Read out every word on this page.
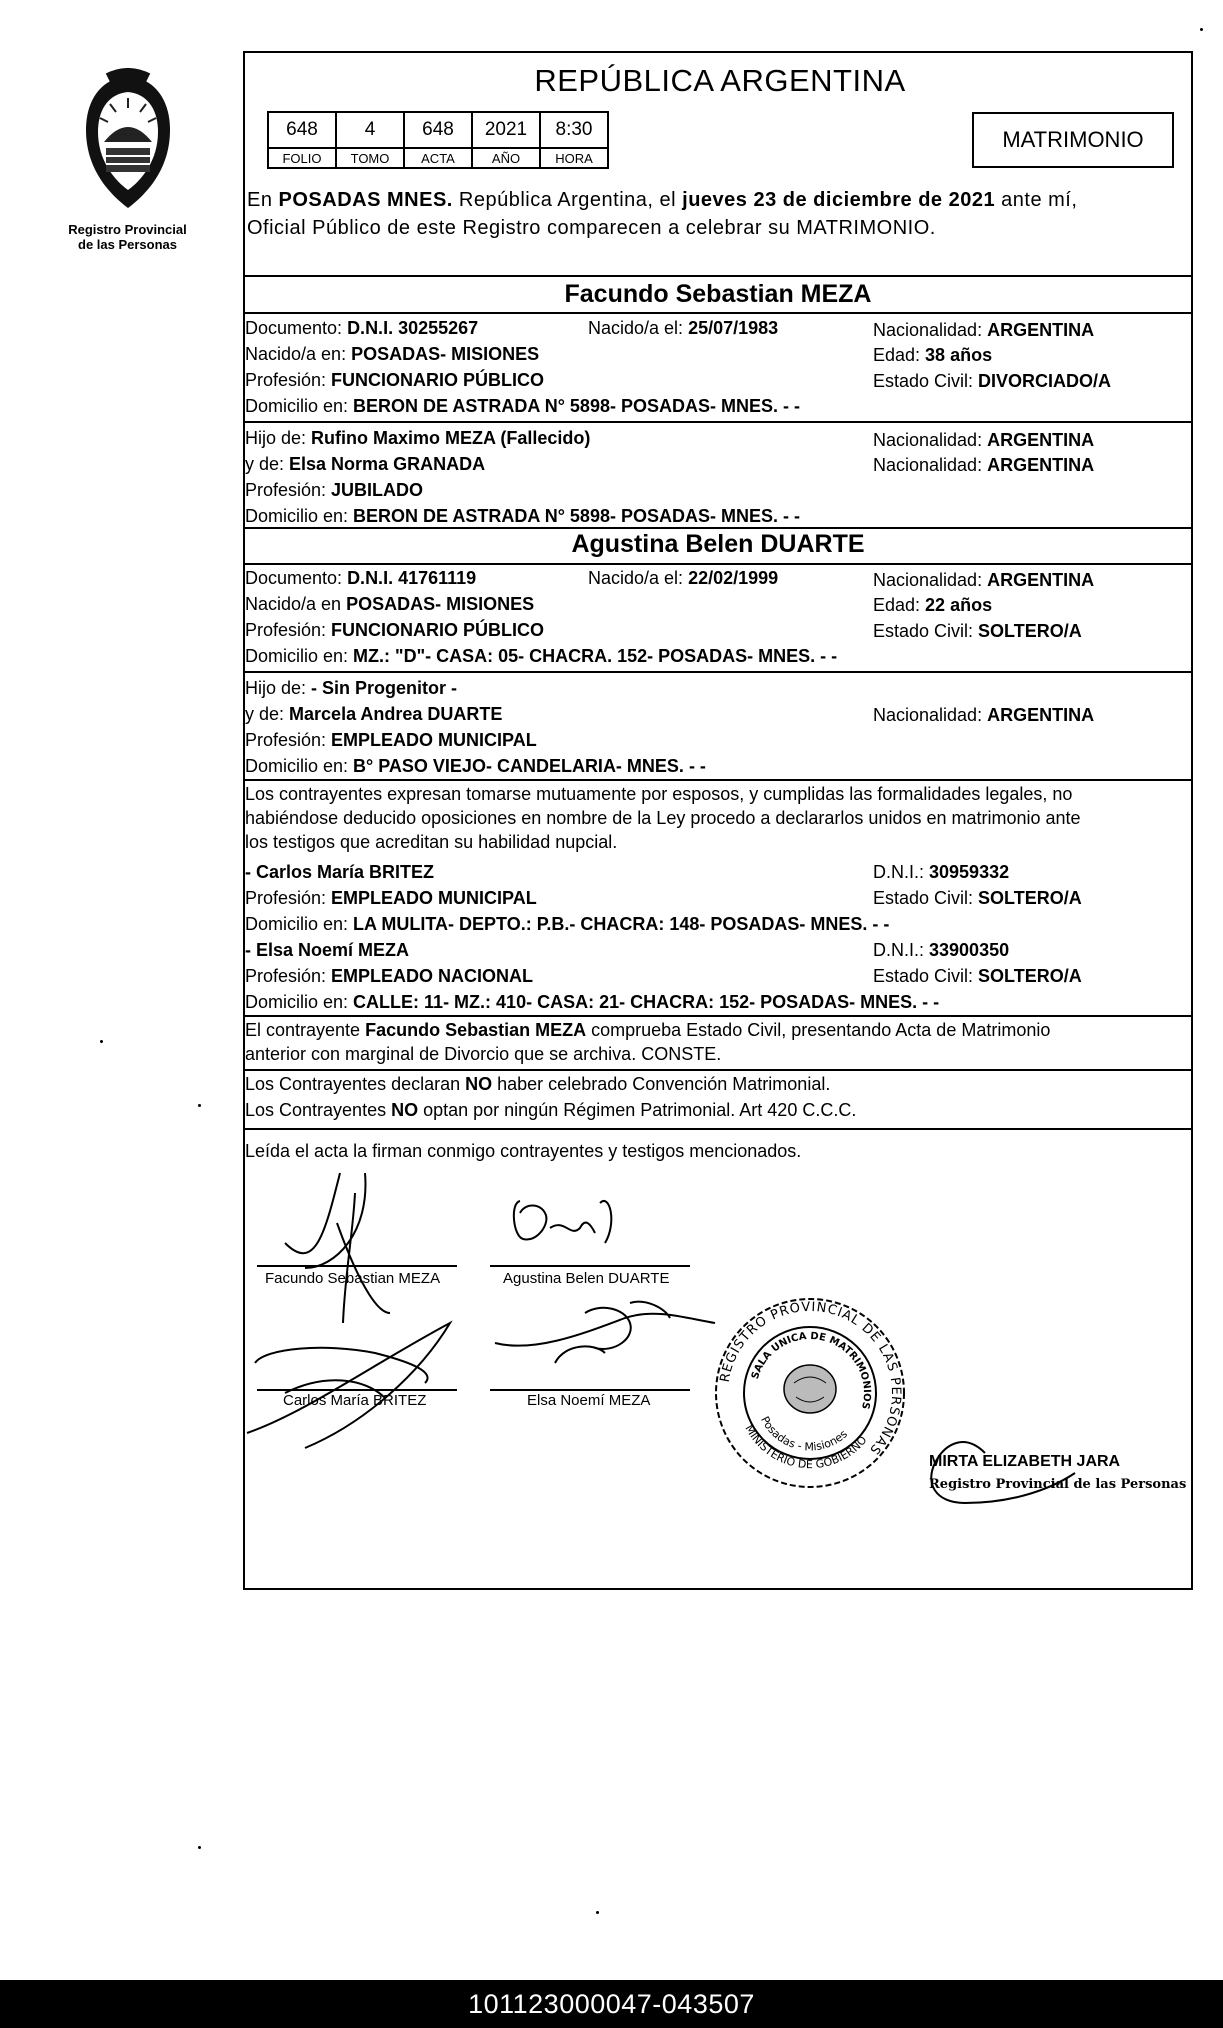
Registro Provincial de las Personas
REPÚBLICA ARGENTINA
648	4	648	2021	8:30
FOLIO	TOMO	ACTA	AÑO	HORA
MATRIMONIO
En POSADAS MNES. República Argentina, el jueves 23 de diciembre de 2021 ante mí,
Oficial Público de este Registro comparecen a celebrar su MATRIMONIO.
Facundo Sebastian MEZA
Documento: D.N.I. 30255267	Nacido/a el: 25/07/1983	Nacionalidad: ARGENTINA
Nacido/a en: POSADAS- MISIONES	Edad: 38 años
Profesión: FUNCIONARIO PÚBLICO	Estado Civil: DIVORCIADO/A
Domicilio en: BERON DE ASTRADA N° 5898- POSADAS- MNES. - -
Hijo de: Rufino Maximo MEZA (Fallecido)	Nacionalidad: ARGENTINA
y de: Elsa Norma GRANADA	Nacionalidad: ARGENTINA
Profesión: JUBILADO
Domicilio en: BERON DE ASTRADA N° 5898- POSADAS- MNES. - -
Agustina Belen DUARTE
Documento: D.N.I. 41761119	Nacido/a el: 22/02/1999	Nacionalidad: ARGENTINA
Nacido/a en POSADAS- MISIONES	Edad: 22 años
Profesión: FUNCIONARIO PÚBLICO	Estado Civil: SOLTERO/A
Domicilio en: MZ.: "D"- CASA: 05- CHACRA. 152- POSADAS- MNES. - -
Hijo de: - Sin Progenitor -
y de: Marcela Andrea DUARTE	Nacionalidad: ARGENTINA
Profesión: EMPLEADO MUNICIPAL
Domicilio en: B° PASO VIEJO- CANDELARIA- MNES. - -
Los contrayentes expresan tomarse mutuamente por esposos, y cumplidas las formalidades legales, no
habiéndose deducido oposiciones en nombre de la Ley procedo a declararlos unidos en matrimonio ante
los testigos que acreditan su habilidad nupcial.
- Carlos María BRITEZ	D.N.I.: 30959332
Profesión: EMPLEADO MUNICIPAL	Estado Civil: SOLTERO/A
Domicilio en: LA MULITA- DEPTO.: P.B.- CHACRA: 148- POSADAS- MNES. - -
- Elsa Noemí MEZA	D.N.I.: 33900350
Profesión: EMPLEADO NACIONAL	Estado Civil: SOLTERO/A
Domicilio en: CALLE: 11- MZ.: 410- CASA: 21- CHACRA: 152- POSADAS- MNES. - -
El contrayente Facundo Sebastian MEZA comprueba Estado Civil, presentando Acta de Matrimonio
anterior con marginal de Divorcio que se archiva. CONSTE.
Los Contrayentes declaran NO haber celebrado Convención Matrimonial.
Los Contrayentes NO optan por ningún Régimen Patrimonial. Art 420 C.C.C.
Leída el acta la firman conmigo contrayentes y testigos mencionados.
Facundo Sebastian MEZA	Agustina Belen DUARTE
Carlos María BRITEZ	Elsa Noemí MEZA
MIRTA ELIZABETH JARA
Registro Provincial de las Personas
REGISTRO PROVINCIAL DE LAS PERSONAS
SALA UNICA DE MATRIMONIOS
Posadas - Misiones
MINISTERIO DE GOBIERNO
101123000047-043507
